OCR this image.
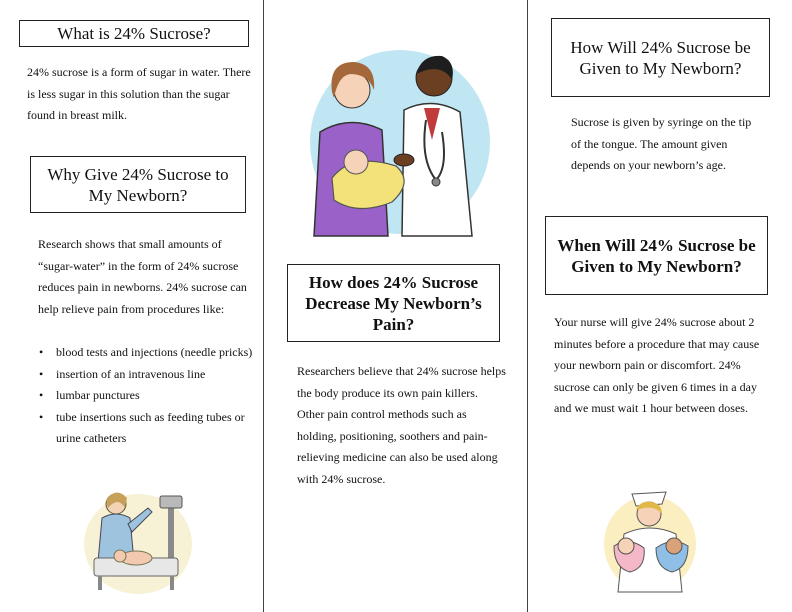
What is 24% Sucrose?
24% sucrose is a form of sugar in water. There is less sugar in this solution than the sugar found in breast milk.
Why Give 24% Sucrose to My Newborn?
Research shows that small amounts of “sugar-water” in the form of 24% sucrose reduces pain in newborns. 24% sucrose can help relieve pain from procedures like:
• blood tests and injections (needle pricks)
• insertion of an intravenous line
• lumbar punctures
• tube insertions such as feeding tubes or urine catheters
How does 24% Sucrose Decrease My Newborn’s Pain?
Researchers believe that 24% sucrose helps the body produce its own pain killers. Other pain control methods such as holding, positioning, soothers and pain-relieving medicine can also be used along with 24% sucrose.
How Will 24% Sucrose be Given to My Newborn?
Sucrose is given by syringe on the tip of the tongue. The amount given depends on your newborn’s age.
When Will 24% Sucrose be Given to My Newborn?
Your nurse will give 24% sucrose about 2 minutes before a procedure that may cause your newborn pain or discomfort. 24% sucrose can only be given 6 times in a day and we must wait 1 hour between doses.
